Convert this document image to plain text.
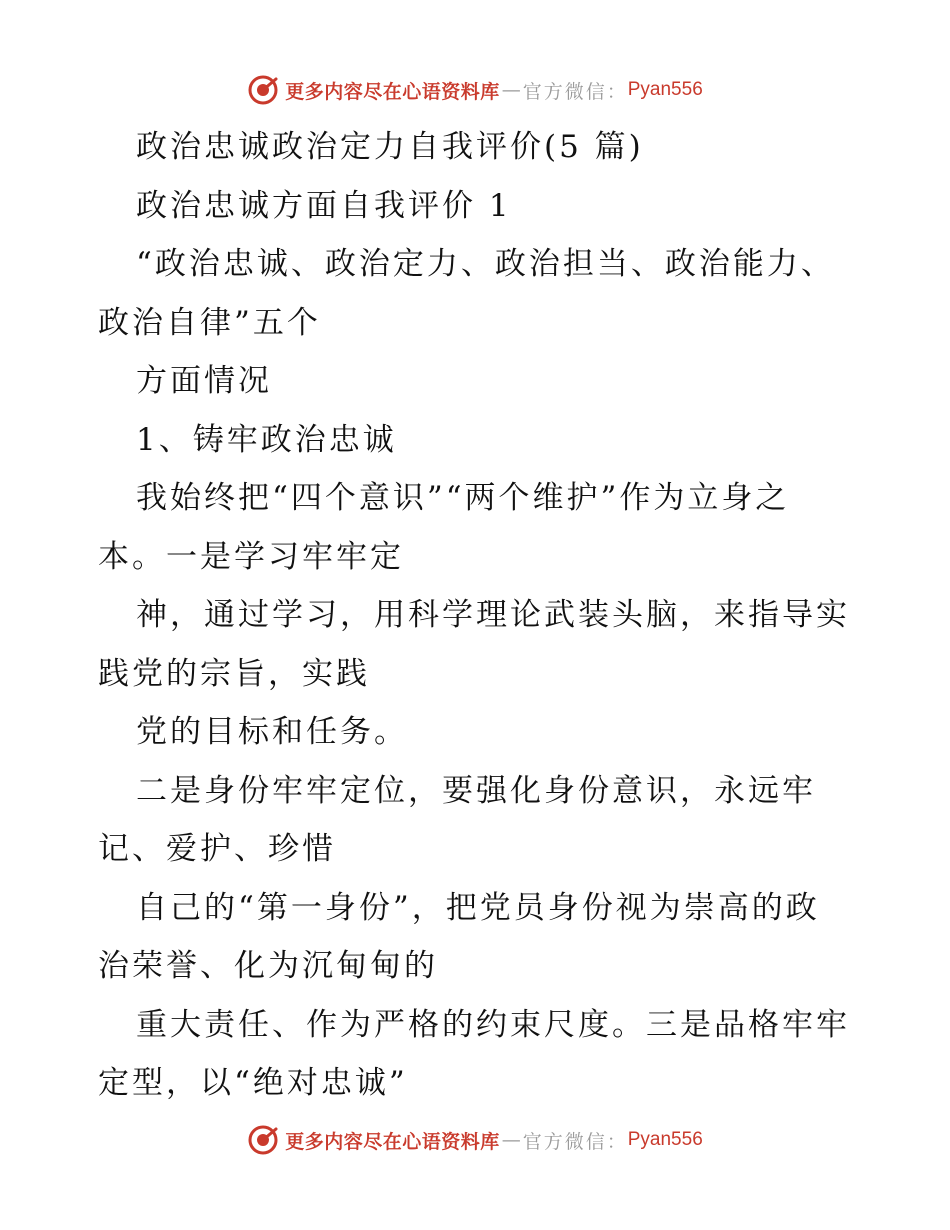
更多内容尽在心语资料库 — 官方微信： Pyan556
政治忠诚政治定力自我评价(5 篇)
政治忠诚方面自我评价 1
“政治忠诚、政治定力、政治担当、政治能力、
政治自律”五个
方面情况
1、铸牢政治忠诚
我始终把“四个意识”“两个维护”作为立身之
本。一是学习牢牢定
神，通过学习，用科学理论武装头脑，来指导实
践党的宗旨，实践
党的目标和任务。
二是身份牢牢定位，要强化身份意识，永远牢
记、爱护、珍惜
自己的“第一身份”，把党员身份视为崇高的政
治荣誉、化为沉甸甸的
重大责任、作为严格的约束尺度。三是品格牢牢
定型，以“绝对忠诚”
更多内容尽在心语资料库 — 官方微信： Pyan556
